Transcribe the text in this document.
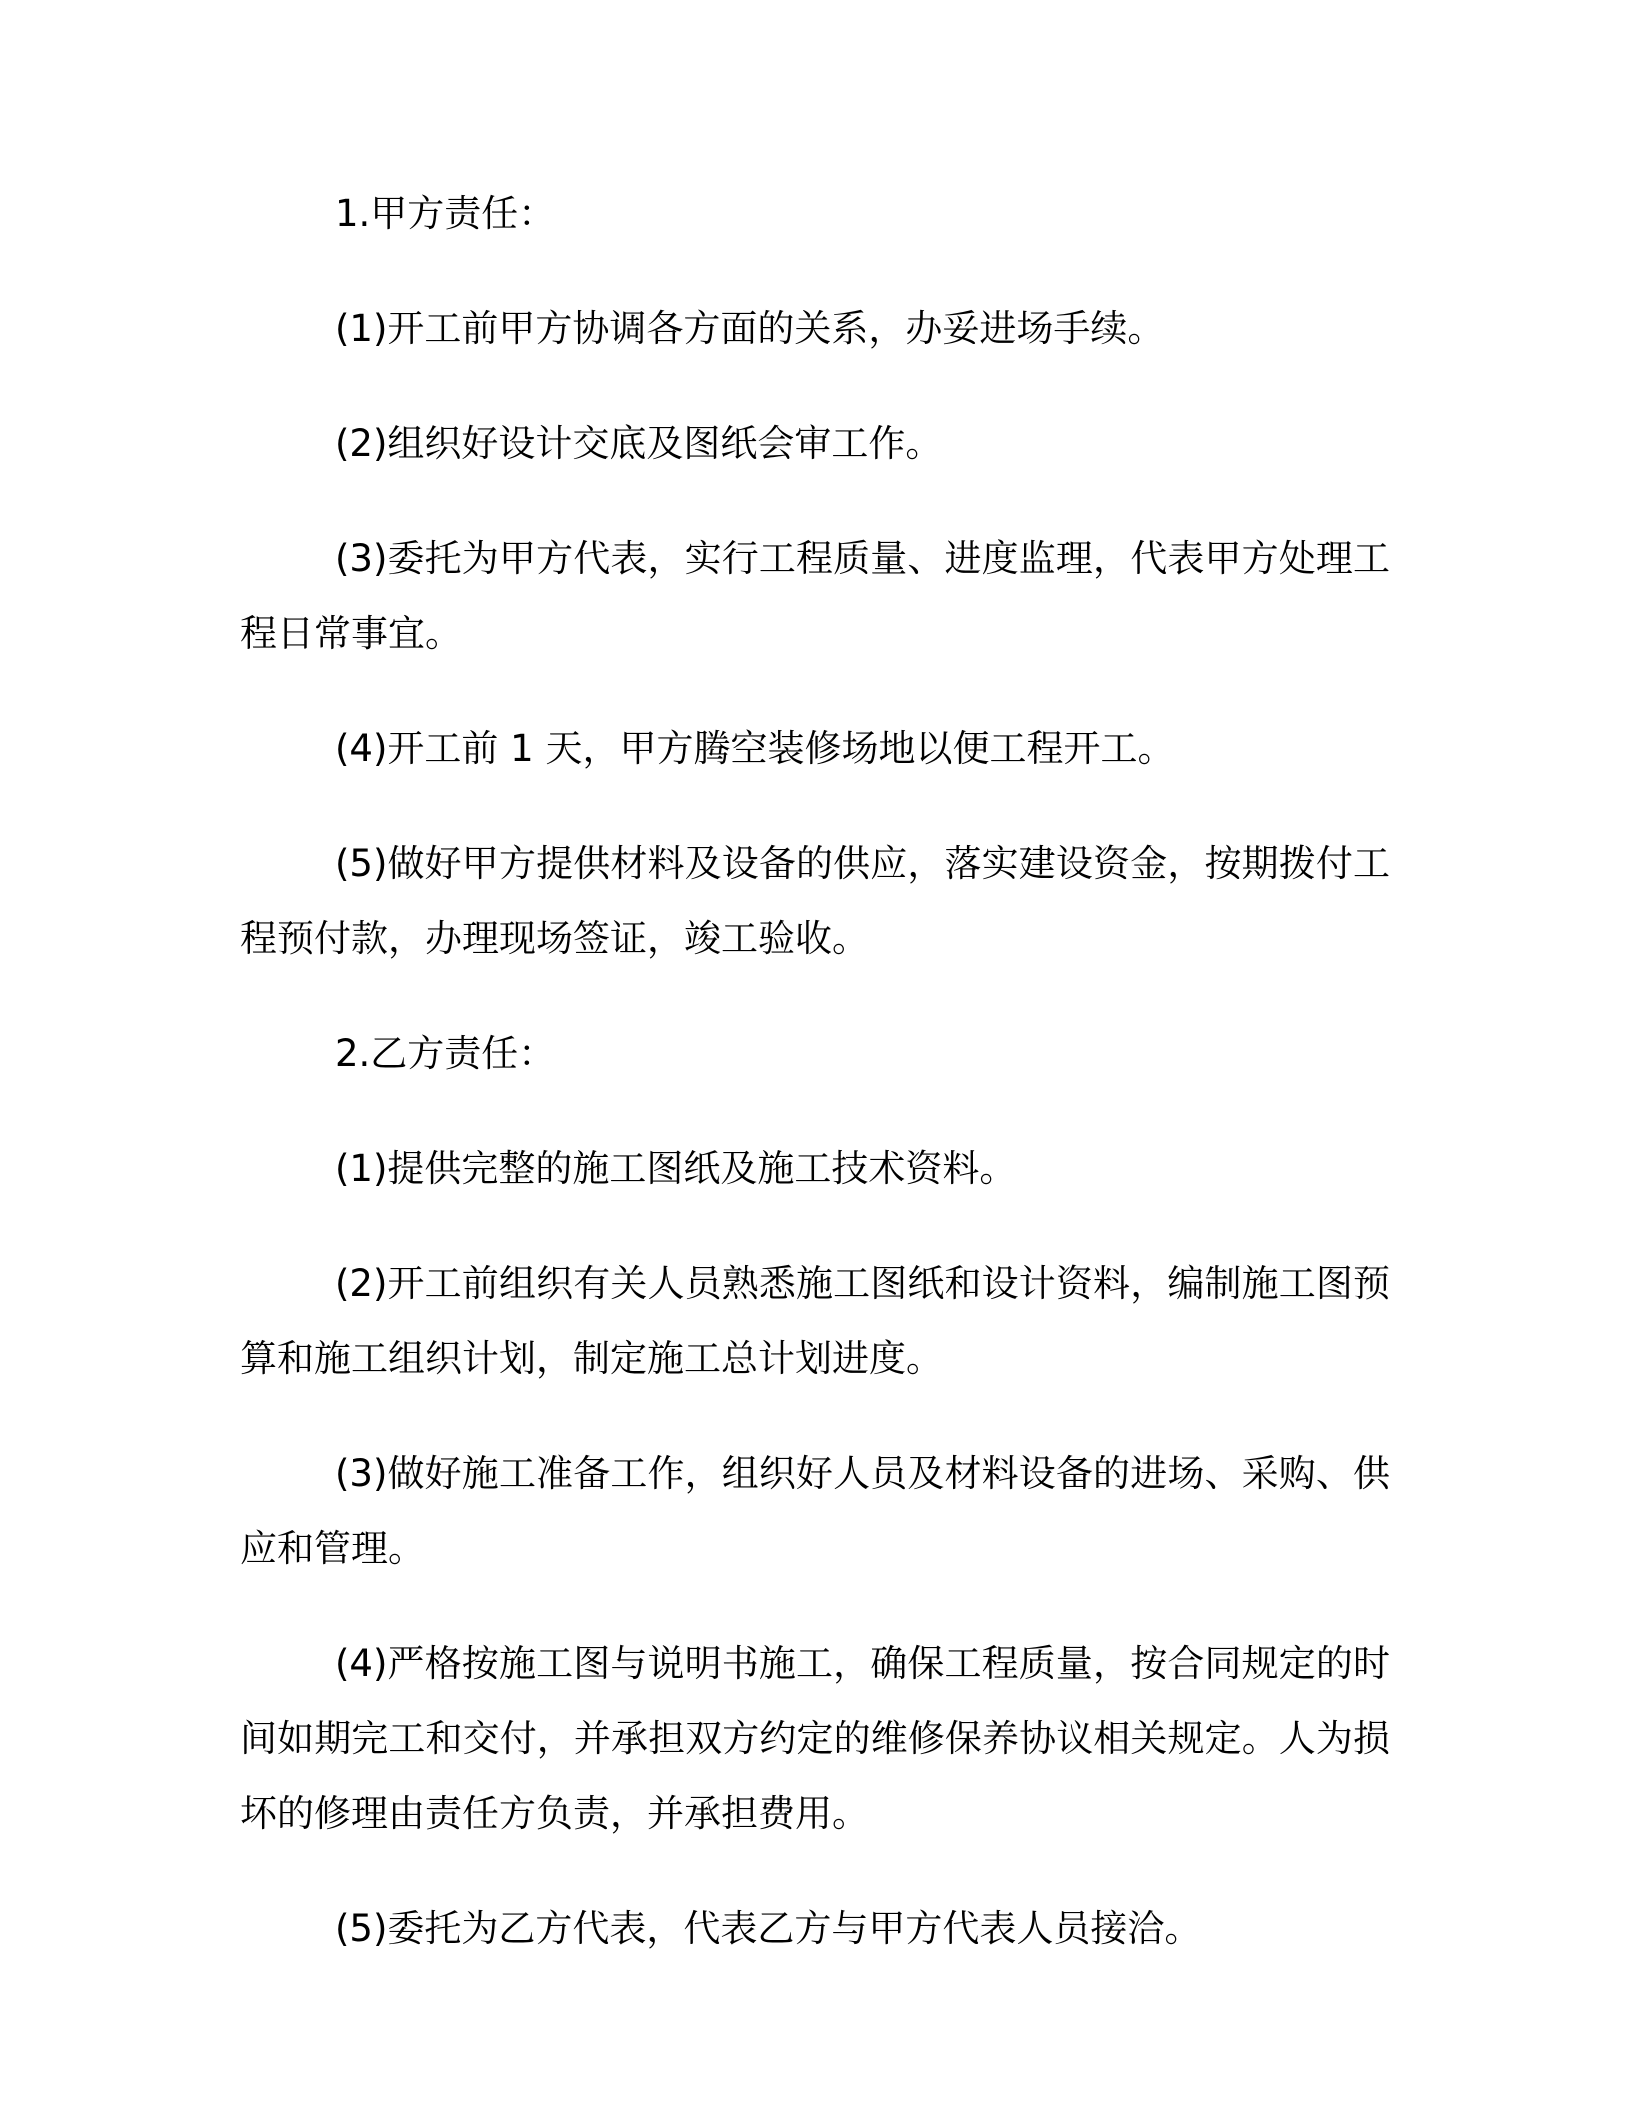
1.甲方责任：

(1)开工前甲方协调各方面的关系，办妥进场手续。

(2)组织好设计交底及图纸会审工作。

(3)委托为甲方代表，实行工程质量、进度监理，代表甲方处理工程日常事宜。

(4)开工前 1 天，甲方腾空装修场地以便工程开工。

(5)做好甲方提供材料及设备的供应，落实建设资金，按期拨付工程预付款，办理现场签证，竣工验收。

2.乙方责任：

(1)提供完整的施工图纸及施工技术资料。

(2)开工前组织有关人员熟悉施工图纸和设计资料，编制施工图预算和施工组织计划，制定施工总计划进度。

(3)做好施工准备工作，组织好人员及材料设备的进场、采购、供应和管理。

(4)严格按施工图与说明书施工，确保工程质量，按合同规定的时间如期完工和交付，并承担双方约定的维修保养协议相关规定。人为损坏的修理由责任方负责，并承担费用。

(5)委托为乙方代表，代表乙方与甲方代表人员接洽。
